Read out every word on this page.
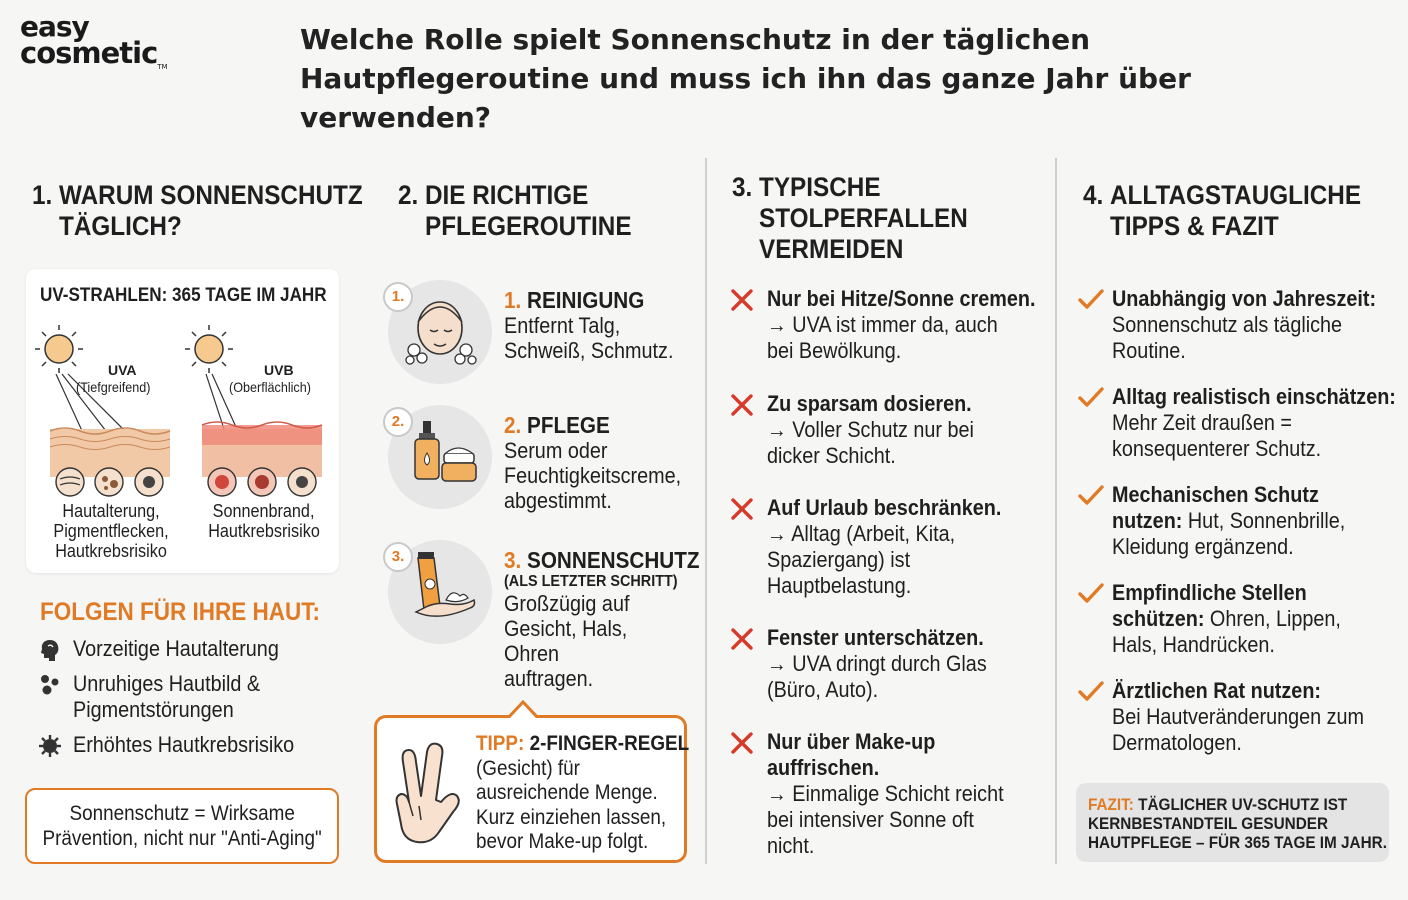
easy
cosmetic™
Welche Rolle spielt Sonnenschutz in der täglichen Hautpflegeroutine und muss ich ihn das ganze Jahr über verwenden?
1. WARUM SONNENSCHUTZ
TÄGLICH?
UV-STRAHLEN: 365 TAGE IM JAHR
UVA
(Tiefgreifend)
UVB
(Oberflächlich)
Hautalterung,
Pigmentflecken,
Hautkrebsrisiko
Sonnenbrand,
Hautkrebsrisiko
FOLGEN FÜR IHRE HAUT:
Vorzeitige Hautalterung
Unruhiges Hautbild &
Pigmentstörungen
Erhöhtes Hautkrebsrisiko
Sonnenschutz = Wirksame
Prävention, nicht nur "Anti-Aging"
2. DIE RICHTIGE
PFLEGEROUTINE
1.	1. REINIGUNG
Entfernt Talg,
Schweiß, Schmutz.
2.	2. PFLEGE
Serum oder
Feuchtigkeitscreme,
abgestimmt.
3.	3. SONNENSCHUTZ

(ALS LETZTER SCHRITT)
Großzügig auf
Gesicht, Hals,
Ohren
auftragen.
TIPP: 2-FINGER-REGEL
(Gesicht) für
ausreichende Menge.
Kurz einziehen lassen,
bevor Make-up folgt.
3. TYPISCHE
STOLPERFALLEN
VERMEIDEN
Nur bei Hitze/Sonne cremen.
→ UVA ist immer da, auch
bei Bewölkung.
Zu sparsam dosieren.
→ Voller Schutz nur bei
dicker Schicht.
Auf Urlaub beschränken.
→ Alltag (Arbeit, Kita,
Spaziergang) ist
Hauptbelastung.
Fenster unterschätzen.
→ UVA dringt durch Glas
(Büro, Auto).
Nur über Make-up
auffrischen.
→ Einmalige Schicht reicht
bei intensiver Sonne oft
nicht.
4. ALLTAGSTAUGLICHE
TIPPS & FAZIT
Unabhängig von Jahreszeit:
Sonnenschutz als tägliche
Routine.
Alltag realistisch einschätzen:
Mehr Zeit draußen =
konsequenterer Schutz.
Mechanischen Schutz
nutzen: Hut, Sonnenbrille,
Kleidung ergänzend.
Empfindliche Stellen
schützen: Ohren, Lippen,
Hals, Handrücken.
Ärztlichen Rat nutzen:
Bei Hautveränderungen zum
Dermatologen.
FAZIT: TÄGLICHER UV-SCHUTZ IST
KERNBESTANDTEIL GESUNDER
HAUTPFLEGE – FÜR 365 TAGE IM JAHR.
